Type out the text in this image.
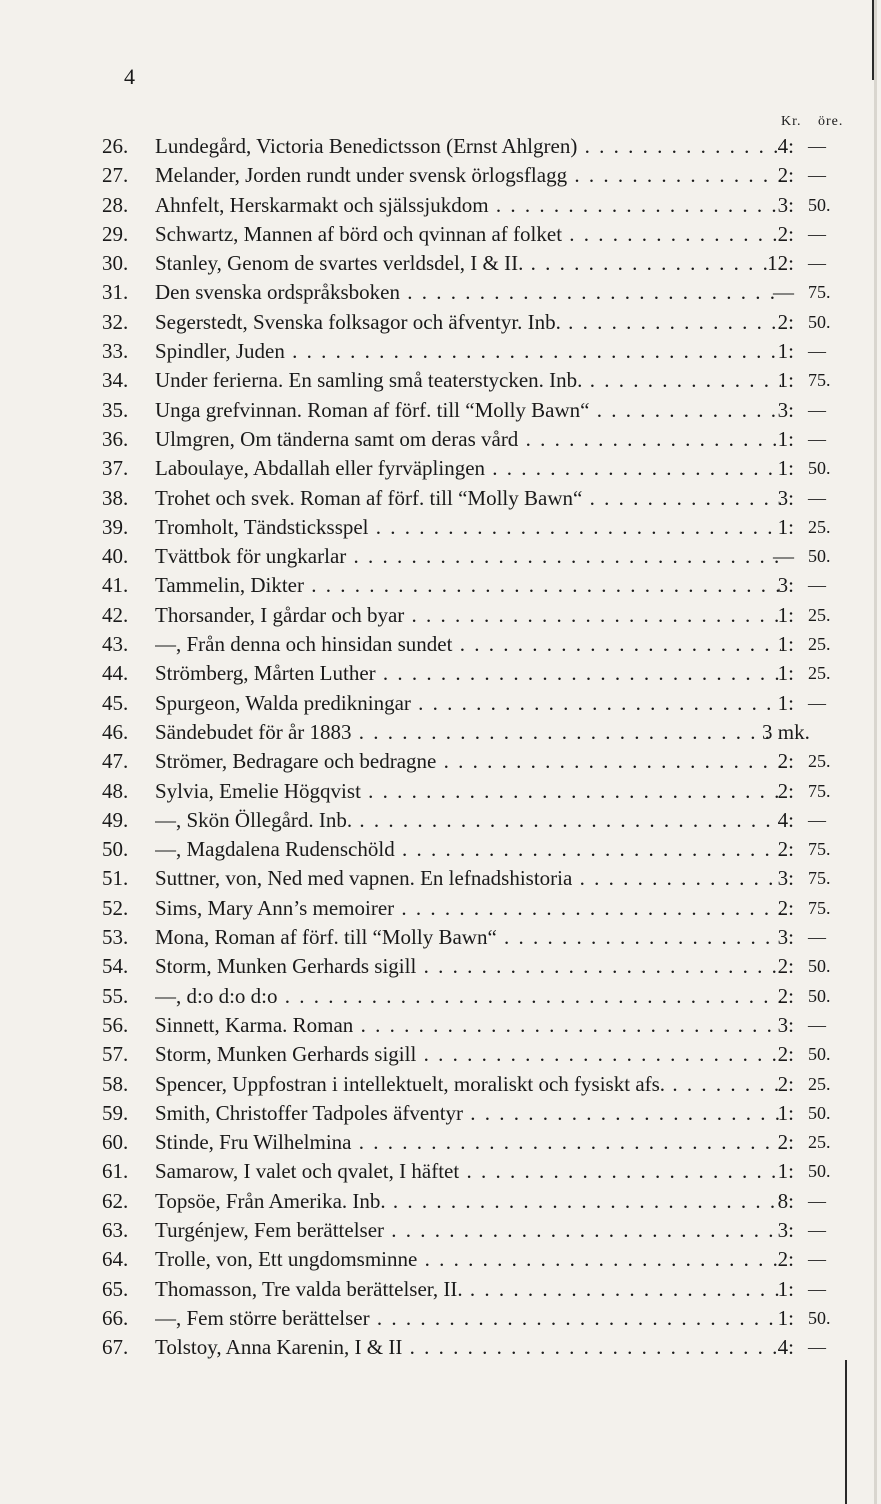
4
Kr. öre.
26. Lundegård, Victoria Benedictsson (Ernst Ahlgren) . . .	4: —
27. Melander, Jorden rundt under svensk örlogsflagg . . .	2: —
28. Ahnfelt, Herskarmakt och själssjukdom . . .	3: 50.
29. Schwartz, Mannen af börd och qvinnan af folket . . .	2: —
30. Stanley, Genom de svartes verldsdel, I & II. . . .	12: —
31. Den svenska ordspråksboken . . .	— 75.
32. Segerstedt, Svenska folksagor och äfventyr. Inb. . . .	2: 50.
33. Spindler, Juden . . .	1: —
34. Under ferierna. En samling små teaterstycken. Inb. . . .	1: 75.
35. Unga grefvinnan. Roman af förf. till “Molly Bawn“ . . .	3: —
36. Ulmgren, Om tänderna samt om deras vård . . .	1: —
37. Laboulaye, Abdallah eller fyrväplingen . . .	1: 50.
38. Trohet och svek. Roman af förf. till “Molly Bawn“ . . .	3: —
39. Tromholt, Tändsticksspel . . .	1: 25.
40. Tvättbok för ungkarlar . . .	— 50.
41. Tammelin, Dikter . . .	3: —
42. Thorsander, I gårdar och byar . . .	1: 25.
43. —, Från denna och hinsidan sundet . . .	1: 25.
44. Strömberg, Mårten Luther . . .	1: 25.
45. Spurgeon, Walda predikningar . . .	1: —
46. Sändebudet för år 1883 . . .	3 mk.
47. Strömer, Bedragare och bedragne . . .	2: 25.
48. Sylvia, Emelie Högqvist . . .	2: 75.
49. —, Skön Öllegård. Inb. . . .	4: —
50. —, Magdalena Rudenschöld . . .	2: 75.
51. Suttner, von, Ned med vapnen. En lefnadshistoria . . .	3: 75.
52. Sims, Mary Ann’s memoirer . . .	2: 75.
53. Mona, Roman af förf. till “Molly Bawn“ . . .	3: —
54. Storm, Munken Gerhards sigill . . .	2: 50.
55. —, d:o d:o d:o . . .	2: 50.
56. Sinnett, Karma. Roman . . .	3: —
57. Storm, Munken Gerhards sigill . . .	2: 50.
58. Spencer, Uppfostran i intellektuelt, moraliskt och fysiskt afs. . . .	2: 25.
59. Smith, Christoffer Tadpoles äfventyr . . .	1: 50.
60. Stinde, Fru Wilhelmina . . .	2: 25.
61. Samarow, I valet och qvalet, I häftet . . .	1: 50.
62. Topsöe, Från Amerika. Inb. . . .	8: —
63. Turgénjew, Fem berättelser . . .	3: —
64. Trolle, von, Ett ungdomsminne . . .	2: —
65. Thomasson, Tre valda berättelser, II. . . .	1: —
66. —, Fem större berättelser . . .	1: 50.
67. Tolstoy, Anna Karenin, I & II . . .	4: —
